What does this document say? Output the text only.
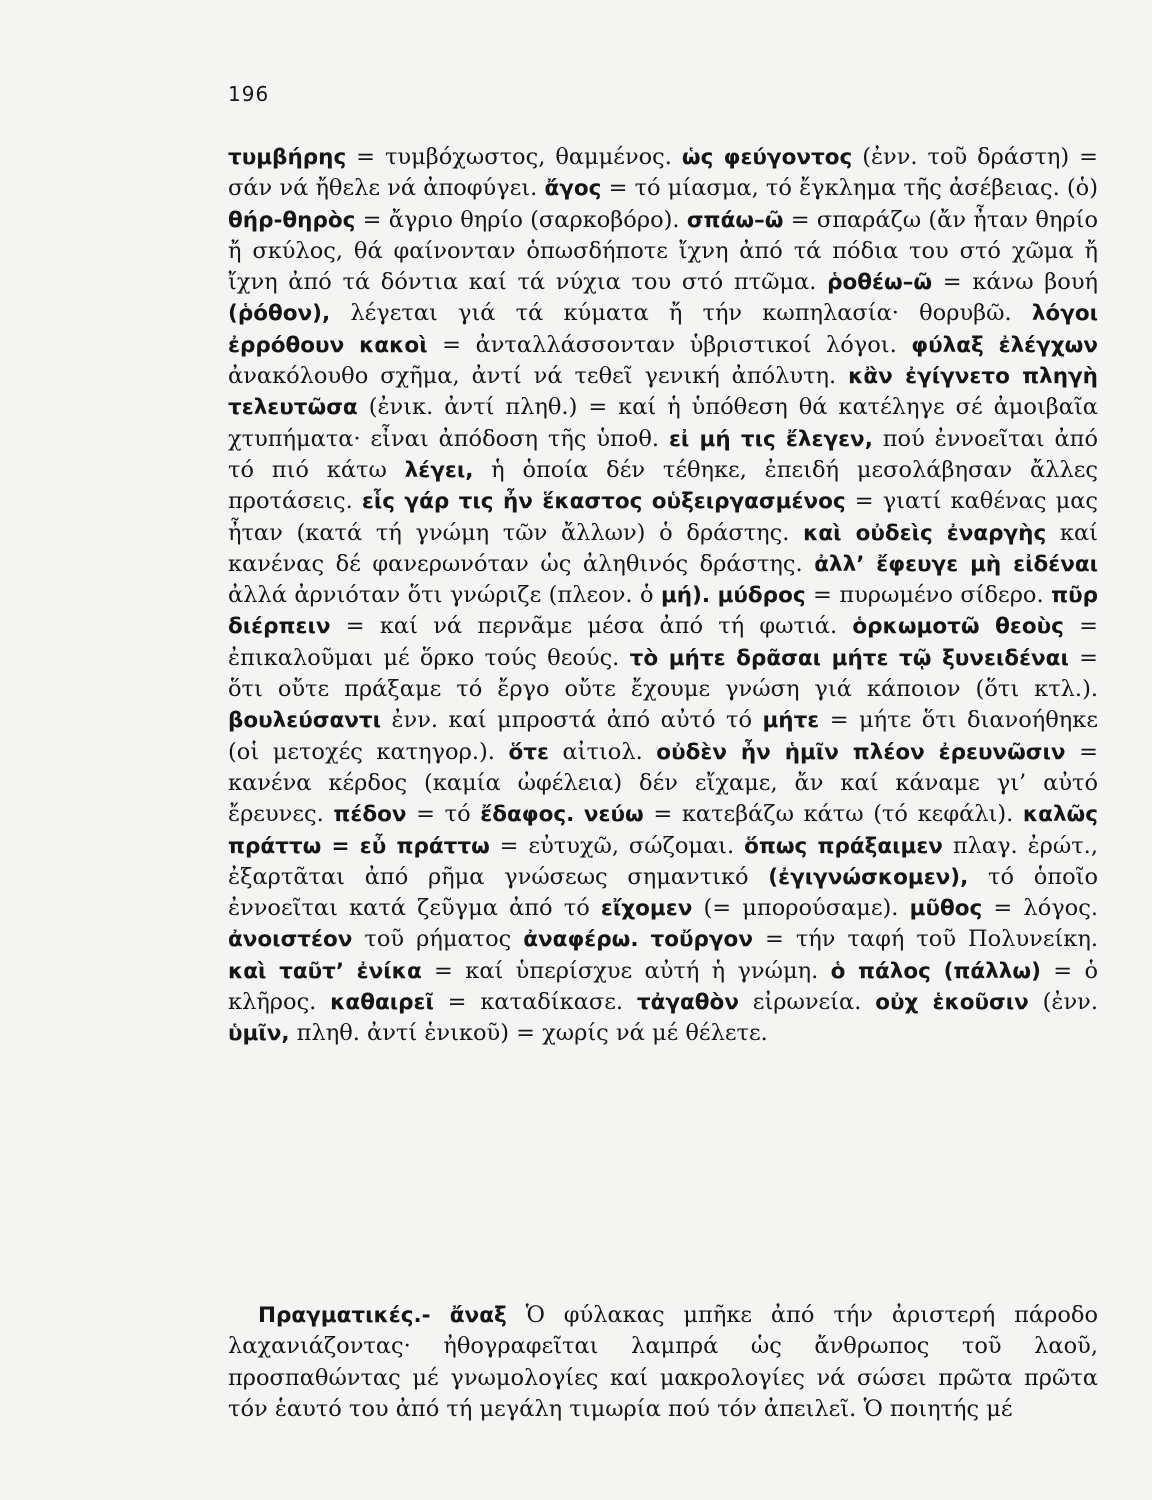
196

τυμβήρης = τυμβόχωστος, θαμμένος. ὡς φεύγοντος (ἐνν. τοῦ δράστη) = σάν νά ἤθελε νά ἀποφύγει. ἄγος = τό μίασμα, τό ἔγκλημα τῆς ἀσέβειας. (ὁ) θήρ-θηρὸς = ἄγριο θηρίο (σαρκοβόρο). σπάω–ῶ = σπαράζω (ἄν ἦταν θηρίο ἤ σκύλος, θά φαίνονταν ὁπωσδήποτε ἴχνη ἀπό τά πόδια του στό χῶμα ἤ ἴχνη ἀπό τά δόντια καί τά νύχια του στό πτῶμα. ῥοθέω–ῶ = κάνω βουή (ῥόθον), λέγεται γιά τά κύματα ἤ τήν κωπηλασία· θορυβῶ. λόγοι ἐρρόθουν κακοὶ = ἀνταλλάσσονταν ὑβριστικοί λόγοι. φύλαξ ἐλέγχων ἀνακόλουθο σχῆμα, ἀντί νά τεθεῖ γενική ἀπόλυτη. κἂν ἐγίγνετο πληγὴ τελευτῶσα (ἐνικ. ἀντί πληθ.) = καί ἡ ὑπόθεση θά κατέληγε σέ ἀμοιβαῖα χτυπήματα· εἶναι ἀπόδοση τῆς ὑποθ. εἰ μή τις ἔλεγεν, πού ἐννοεῖται ἀπό τό πιό κάτω λέγει, ἡ ὁποία δέν τέθηκε, ἐπειδή μεσολάβησαν ἄλλες προτάσεις. εἷς γάρ τις ἦν ἕκαστος οὑξειργασμένος = γιατί καθένας μας ἦταν (κατά τή γνώμη τῶν ἄλλων) ὁ δράστης. καὶ οὐδεὶς ἐναργὴς καί κανένας δέ φανερωνόταν ὡς ἀληθινός δράστης. ἀλλ’ ἔφευγε μὴ εἰδέναι ἀλλά ἀρνιόταν ὅτι γνώριζε (πλεον. ὁ μή). μύδρος = πυρωμένο σίδερο. πῦρ διέρπειν = καί νά περνᾶμε μέσα ἀπό τή φωτιά. ὁρκωμοτῶ θεοὺς = ἐπικαλοῦμαι μέ ὅρκο τούς θεούς. τὸ μήτε δρᾶσαι μήτε τῷ ξυνειδέναι = ὅτι οὔτε πράξαμε τό ἔργο οὔτε ἔχουμε γνώση γιά κάποιον (ὅτι κτλ.). βουλεύσαντι ἐνν. καί μπροστά ἀπό αὐτό τό μήτε = μήτε ὅτι διανοήθηκε (οἱ μετοχές κατηγορ.). ὅτε αἰτιολ. οὐδὲν ἦν ἡμῖν πλέον ἐρευνῶσιν = κανένα κέρδος (καμία ὠφέλεια) δέν εἴχαμε, ἄν καί κάναμε γι’ αὐτό ἔρευνες. πέδον = τό ἔδαφος. νεύω = κατεβάζω κάτω (τό κεφάλι). καλῶς πράττω = εὖ πράττω = εὐτυχῶ, σώζομαι. ὅπως πράξαιμεν πλαγ. ἐρώτ., ἐξαρτᾶται ἀπό ρῆμα γνώσεως σημαντικό (ἐγιγνώσκομεν), τό ὁποῖο ἐννοεῖται κατά ζεῦγμα ἀπό τό εἴχομεν (= μπορούσαμε). μῦθος = λόγος. ἀνοιστέον τοῦ ρήματος ἀναφέρω. τοὔργον = τήν ταφή τοῦ Πολυνείκη. καὶ ταῦτ’ ἐνίκα = καί ὑπερίσχυε αὐτή ἡ γνώμη. ὁ πάλος (πάλλω) = ὁ κλῆρος. καθαιρεῖ = καταδίκασε. τἀγαθὸν εἰρωνεία. οὐχ ἑκοῦσιν (ἐνν. ὑμῖν, πληθ. ἀντί ἑνικοῦ) = χωρίς νά μέ θέλετε.

Πραγματικές.- ἄναξ Ὁ φύλακας μπῆκε ἀπό τήν ἀριστερή πάροδο λαχανιάζοντας· ἠθογραφεῖται λαμπρά ὡς ἄνθρωπος τοῦ λαοῦ, προσπαθώντας μέ γνωμολογίες καί μακρολογίες νά σώσει πρῶτα πρῶτα τόν ἑαυτό του ἀπό τή μεγάλη τιμωρία πού τόν ἀπειλεῖ. Ὁ ποιητής μέ
